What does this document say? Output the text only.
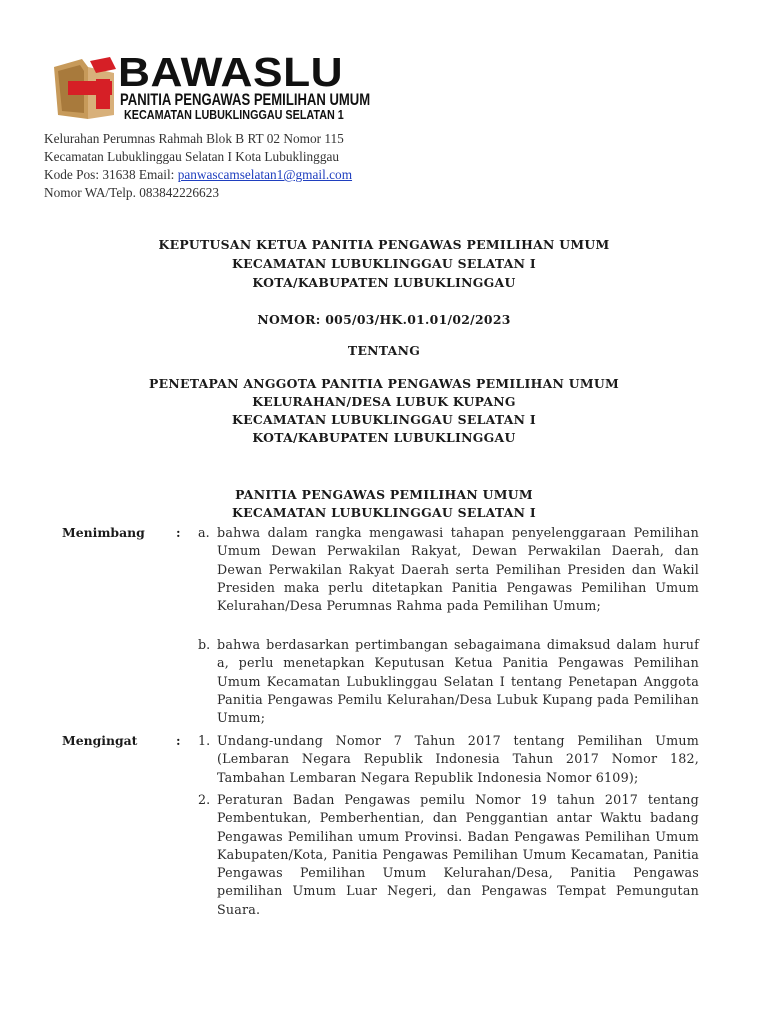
BAWASLU
PANITIA PENGAWAS PEMILIHAN UMUM
KECAMATAN LUBUKLINGGAU SELATAN 1
Kelurahan Perumnas Rahmah Blok B RT 02 Nomor 115
Kecamatan Lubuklinggau Selatan I Kota Lubuklinggau
Kode Pos: 31638 Email: panwascamselatan1@gmail.com
Nomor WA/Telp. 083842226623
KEPUTUSAN KETUA PANITIA PENGAWAS PEMILIHAN UMUM
KECAMATAN LUBUKLINGGAU SELATAN I
KOTA/KABUPATEN LUBUKLINGGAU
NOMOR: 005/03/HK.01.01/02/2023
TENTANG
PENETAPAN ANGGOTA PANITIA PENGAWAS PEMILIHAN UMUM
KELURAHAN/DESA LUBUK KUPANG
KECAMATAN LUBUKLINGGAU SELATAN I
KOTA/KABUPATEN LUBUKLINGGAU
PANITIA PENGAWAS PEMILIHAN UMUM
KECAMATAN LUBUKLINGGAU SELATAN I
Menimbang	: a. bahwa dalam rangka mengawasi tahapan penyelenggaraan Pemilihan Umum Dewan Perwakilan Rakyat, Dewan Perwakilan Daerah, dan Dewan Perwakilan Rakyat Daerah serta Pemilihan Presiden dan Wakil Presiden maka perlu ditetapkan Panitia Pengawas Pemilihan Umum Kelurahan/Desa Perumnas Rahma pada Pemilihan Umum;
b. bahwa berdasarkan pertimbangan sebagaimana dimaksud dalam huruf a, perlu menetapkan Keputusan Ketua Panitia Pengawas Pemilihan Umum Kecamatan Lubuklinggau Selatan I tentang Penetapan Anggota Panitia Pengawas Pemilu Kelurahan/Desa Lubuk Kupang pada Pemilihan Umum;
Mengingat	: 1. Undang-undang Nomor 7 Tahun 2017 tentang Pemilihan Umum (Lembaran Negara Republik Indonesia Tahun 2017 Nomor 182, Tambahan Lembaran Negara Republik Indonesia Nomor 6109);
2. Peraturan Badan Pengawas pemilu Nomor 19 tahun 2017 tentang Pembentukan, Pemberhentian, dan Penggantian antar Waktu badang Pengawas Pemilihan umum Provinsi. Badan Pengawas Pemilihan Umum Kabupaten/Kota, Panitia Pengawas Pemilihan Umum Kecamatan, Panitia Pengawas Pemilihan Umum Kelurahan/Desa, Panitia Pengawas pemilihan Umum Luar Negeri, dan Pengawas Tempat Pemungutan Suara.
